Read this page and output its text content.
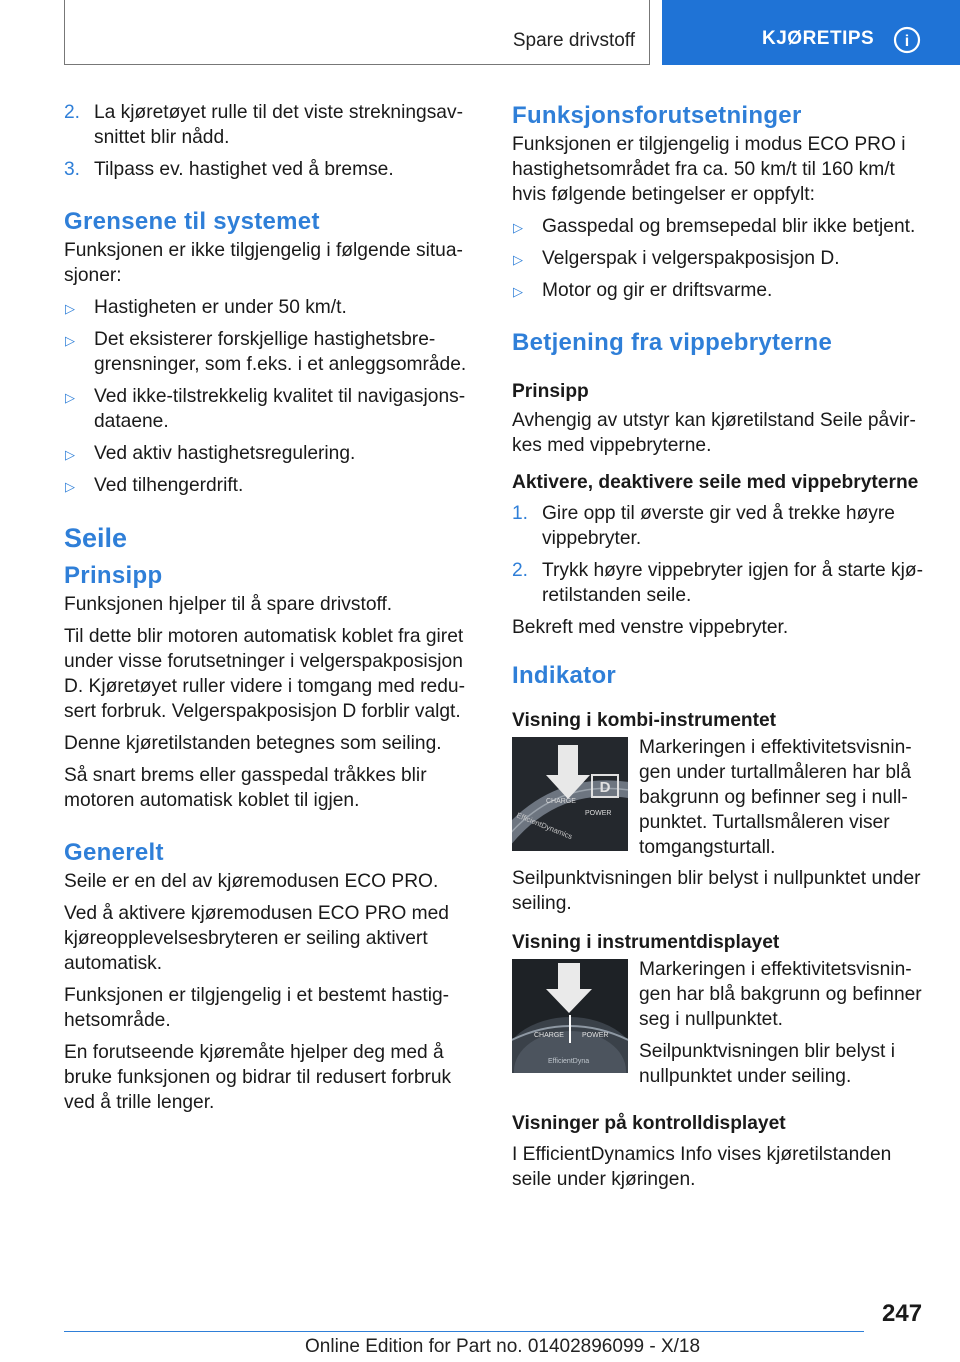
Spare drivstoff	KJØRETIPS i
2. La kjøretøyet rulle til det viste strekningsavsnittet blir nådd.
3. Tilpass ev. hastighet ved å bremse.
Grensene til systemet
Funksjonen er ikke tilgjengelig i følgende situasjoner:
▷ Hastigheten er under 50 km/t.
▷ Det eksisterer forskjellige hastighetsbregrensninger, som f.eks. i et anleggsområde.
▷ Ved ikke-tilstrekkelig kvalitet til navigasjonsdataene.
▷ Ved aktiv hastighetsregulering.
▷ Ved tilhengerdrift.
Seile
Prinsipp
Funksjonen hjelper til å spare drivstoff.
Til dette blir motoren automatisk koblet fra giret under visse forutsetninger i velgerspakposisjon D. Kjøretøyet ruller videre i tomgang med redusert forbruk. Velgerspakposisjon D forblir valgt.
Denne kjøretilstanden betegnes som seiling.
Så snart brems eller gasspedal tråkkes blir motoren automatisk koblet til igjen.
Generelt
Seile er en del av kjøremodusen ECO PRO.
Ved å aktivere kjøremodusen ECO PRO med kjøreopplevelsesbryteren er seiling aktivert automatisk.
Funksjonen er tilgjengelig i et bestemt hastighetsområde.
En forutseende kjøremåte hjelper deg med å bruke funksjonen og bidrar til redusert forbruk ved å trille lenger.
Funksjonsforutsetninger
Funksjonen er tilgjengelig i modus ECO PRO i hastighetsområdet fra ca. 50 km/t til 160 km/t hvis følgende betingelser er oppfylt:
▷ Gasspedal og bremsepedal blir ikke betjent.
▷ Velgerspak i velgerspakposisjon D.
▷ Motor og gir er driftsvarme.
Betjening fra vippebryterne
Prinsipp
Avhengig av utstyr kan kjøretilstand Seile påvirkes med vippebryterne.
Aktivere, deaktivere seile med vippebryterne
1. Gire opp til øverste gir ved å trekke høyre vippebryter.
2. Trykk høyre vippebryter igjen for å starte kjøretilstanden seile.
Bekreft med venstre vippebryter.
Indikator
Visning i kombi-instrumentet
D
CHARGE
POWER
EfficientDynamics
Markeringen i effektivitetsvisningen under turtallmåleren har blå bakgrunn og befinner seg i nullpunktet. Turtallsmåleren viser tomgangsturtall.
Seilpunktvisningen blir belyst i nullpunktet under seiling.
Visning i instrumentdisplayet
CHARGE	POWER
EfficientDyna
Markeringen i effektivitetsvisningen har blå bakgrunn og befinner seg i nullpunktet.
Seilpunktvisningen blir belyst i nullpunktet under seiling.
Visninger på kontrolldisplayet
I EfficientDynamics Info vises kjøretilstanden seile under kjøringen.
247
Online Edition for Part no. 01402896099 - X/18
